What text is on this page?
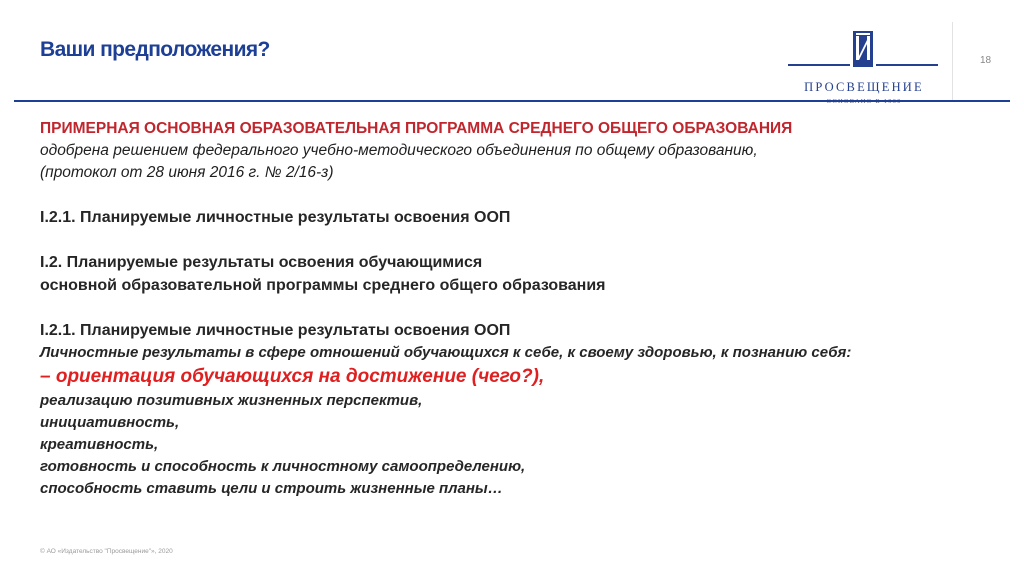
Ваши предположения?
ПРОСВЕЩЕНИЕ
18
ПРИМЕРНАЯ ОСНОВНАЯ ОБРАЗОВАТЕЛЬНАЯ ПРОГРАММА СРЕДНЕГО ОБЩЕГО ОБРАЗОВАНИЯ
одобрена решением федерального учебно-методического объединения по общему образованию,
(протокол от 28 июня 2016 г. № 2/16-з)
I.2.1. Планируемые личностные результаты освоения ООП
I.2. Планируемые результаты освоения обучающимися
основной образовательной программы среднего общего образования
I.2.1. Планируемые личностные результаты освоения ООП
Личностные результаты в сфере отношений обучающихся к себе, к своему здоровью, к познанию себя:
– ориентация обучающихся на достижение (чего?),
реализацию позитивных жизненных перспектив,
инициативность,
креативность,
готовность и способность к личностному самоопределению,
способность ставить цели и строить жизненные планы…
© АО «Издательство "Просвещение"», 2020
